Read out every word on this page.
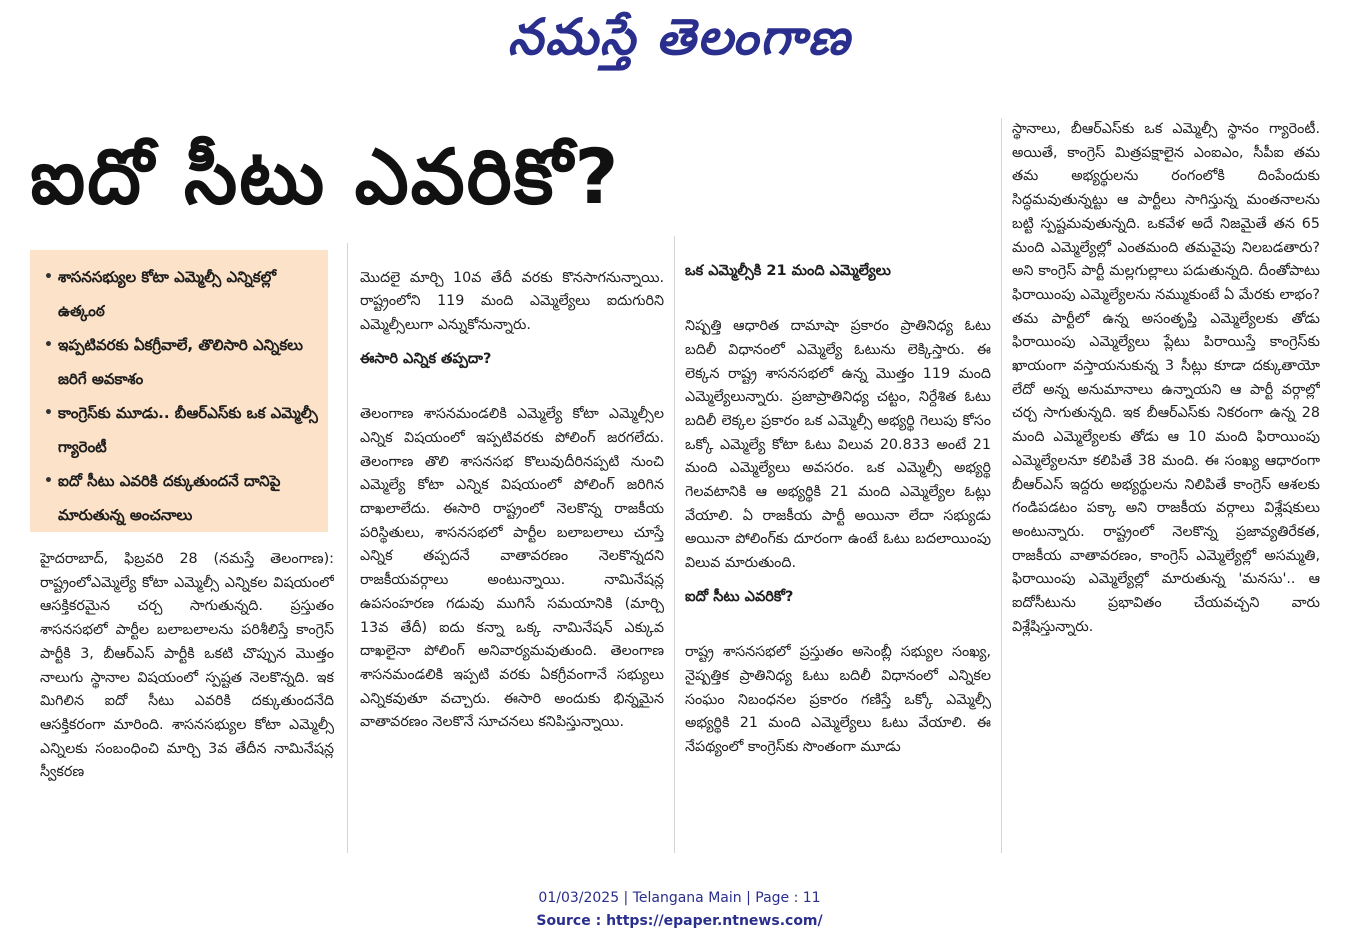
నమస్తే తెలంగాణ
ఐదో సీటు ఎవరికో?
• శాసనసభ్యుల కోటా ఎమ్మెల్సీ ఎన్నికల్లో ఉత్కంఠ
• ఇప్పటివరకు ఏకగ్రీవాలే, తొలిసారి ఎన్నికలు జరిగే అవకాశం
• కాంగ్రెస్‌కు మూడు.. బీఆర్‌ఎస్‌కు ఒక ఎమ్మెల్సీ గ్యారెంటీ
• ఐదో సీటు ఎవరికి దక్కుతుందనే దానిపై మారుతున్న అంచనాలు
హైదరాబాద్, ఫిబ్రవరి 28 (నమస్తే తెలంగాణ): రాష్ట్రంలోఎమ్మెల్యే కోటా ఎమ్మెల్సీ ఎన్నికల విషయంలో ఆసక్తికరమైన చర్చ సాగుతున్నది. ప్రస్తుతం శాసనసభలో పార్టీల బలాబలాలను పరిశీలిస్తే కాంగ్రెస్ పార్టీకి 3, బీఆర్‌ఎస్ పార్టీకి ఒకటి చొప్పున మొత్తం నాలుగు స్థానాల విషయంలో స్పష్టత నెలకొన్నది. ఇక మిగిలిన ఐదో సీటు ఎవరికి దక్కుతుందనేది ఆసక్తికరంగా మారింది. శాసనసభ్యుల కోటా ఎమ్మెల్సీ ఎన్నిలకు సంబంధించి మార్చి 3వ తేదీన నామినేషన్ల స్వీకరణ

మొదలై మార్చి 10వ తేదీ వరకు కొనసాగనున్నాయి. రాష్ట్రంలోని 119 మంది ఎమ్మెల్యేలు ఐదుగురిని ఎమ్మెల్సీలుగా ఎన్నుకోనున్నారు.

ఈసారి ఎన్నిక తప్పదా?

తెలంగాణ శాసనమండలికి ఎమ్మెల్యే కోటా ఎమ్మెల్సీల ఎన్నిక విషయంలో ఇప్పటివరకు పోలింగ్ జరగలేదు. తెలంగాణ తొలి శాసనసభ కొలువుదీరినప్పటి నుంచి ఎమ్మెల్యే కోటా ఎన్నిక విషయంలో పోలింగ్ జరిగిన దాఖలాలేదు. ఈసారి రాష్ట్రంలో నెలకొన్న రాజకీయ పరిస్థితులు, శాసనసభలో పార్టీల బలాబలాలు చూస్తే ఎన్నిక తప్పదనే వాతావరణం నెలకొన్నదని రాజకీయవర్గాలు అంటున్నాయి. నామినేషన్ల ఉపసంహరణ గడువు ముగిసే సమయానికి (మార్చి 13వ తేదీ) ఐదు కన్నా ఒక్క నామినేషన్ ఎక్కువ దాఖలైనా పోలింగ్ అనివార్యమవుతుంది. తెలంగాణ శాసనమండలికి ఇప్పటి వరకు ఏకగ్రీవంగానే సభ్యులు ఎన్నికవుతూ వచ్చారు. ఈసారి అందుకు భిన్నమైన వాతావరణం నెలకొనే సూచనలు కనిపిస్తున్నాయి.

ఒక ఎమ్మెల్సీకి 21 మంది ఎమ్మెల్యేలు

నిష్పత్తి ఆధారిత దామాషా ప్రకారం ప్రాతినిధ్య ఓటు బదిలీ విధానంలో ఎమ్మెల్యే ఓటును లెక్కిస్తారు. ఈ లెక్కన రాష్ట్ర శాసనసభలో ఉన్న మొత్తం 119 మంది ఎమ్మెల్యేలున్నారు. ప్రజాప్రాతినిధ్య చట్టం, నిర్దేశిత ఓటు బదిలీ లెక్కల ప్రకారం ఒక ఎమ్మెల్సీ అభ్యర్థి గెలుపు కోసం ఒక్కో ఎమ్మెల్యే కోటా ఓటు విలువ 20.833 అంటే 21 మంది ఎమ్మెల్యేలు అవసరం. ఒక ఎమ్మెల్సీ అభ్యర్థి గెలవటానికి ఆ అభ్యర్థికి 21 మంది ఎమ్మెల్యేల ఓట్లు వేయాలి. ఏ రాజకీయ పార్టీ అయినా లేదా సభ్యుడు అయినా పోలింగ్‌కు దూరంగా ఉంటే ఓటు బదలాయింపు విలువ మారుతుంది.

ఐదో సీటు ఎవరికో?

రాష్ట్ర శాసనసభలో ప్రస్తుతం అసెంబ్లీ సభ్యుల సంఖ్య, నైష్పత్తిక ప్రాతినిధ్య ఓటు బదిలీ విధానంలో ఎన్నికల సంఘం నిబంధనల ప్రకారం గణిస్తే ఒక్కో ఎమ్మెల్సీ అభ్యర్థికి 21 మంది ఎమ్మెల్యేలు ఓటు వేయాలి. ఈ నేపథ్యంలో కాంగ్రెస్‌కు సొంతంగా మూడు

స్థానాలు, బీఆర్‌ఎస్‌కు ఒక ఎమ్మెల్సీ స్థానం గ్యారెంటీ. అయితే, కాంగ్రెస్ మిత్రపక్షాలైన ఎంఐఎం, సీపీఐ తమ తమ అభ్యర్థులను రంగంలోకి దింపేందుకు సిద్ధమవుతున్నట్టు ఆ పార్టీలు సాగిస్తున్న మంతనాలను బట్టి స్పష్టమవుతున్నది. ఒకవేళ అదే నిజమైతే తన 65 మంది ఎమ్మెల్యేల్లో ఎంతమంది తమవైపు నిలబడతారు? అని కాంగ్రెస్ పార్టీ మల్లగుల్లాలు పడుతున్నది. దీంతోపాటు ఫిరాయింపు ఎమ్మెల్యేలను నమ్ముకుంటే ఏ మేరకు లాభం? తమ పార్టీలో ఉన్న అసంతృప్తి ఎమ్మెల్యేలకు తోడు ఫిరాయింపు ఎమ్మెల్యేలు ప్లేటు పిరాయిస్తే కాంగ్రెస్‌కు ఖాయంగా వస్తాయనుకున్న 3 సీట్లు కూడా దక్కుతాయో లేదో అన్న అనుమానాలు ఉన్నాయని ఆ పార్టీ వర్గాల్లో చర్చ సాగుతున్నది. ఇక బీఆర్‌ఎస్‌కు నికరంగా ఉన్న 28 మంది ఎమ్మెల్యేలకు తోడు ఆ 10 మంది ఫిరాయింపు ఎమ్మెల్యేలనూ కలిపితే 38 మంది. ఈ సంఖ్య ఆధారంగా బీఆర్‌ఎస్ ఇద్దరు అభ్యర్థులను నిలిపితే కాంగ్రెస్ ఆశలకు గండిపడటం పక్కా అని రాజకీయ వర్గాలు విశ్లేషకులు అంటున్నారు. రాష్ట్రంలో నెలకొన్న ప్రజావ్యతిరేకత, రాజకీయ వాతావరణం, కాంగ్రెస్ ఎమ్మెల్యేల్లో అసమ్మతి, ఫిరాయింపు ఎమ్మెల్యేల్లో మారుతున్న 'మనసు'.. ఆ ఐదోసీటును ప్రభావితం చేయవచ్చని వారు విశ్లేషిస్తున్నారు.
01/03/2025 | Telangana Main | Page : 11
Source : https://epaper.ntnews.com/
